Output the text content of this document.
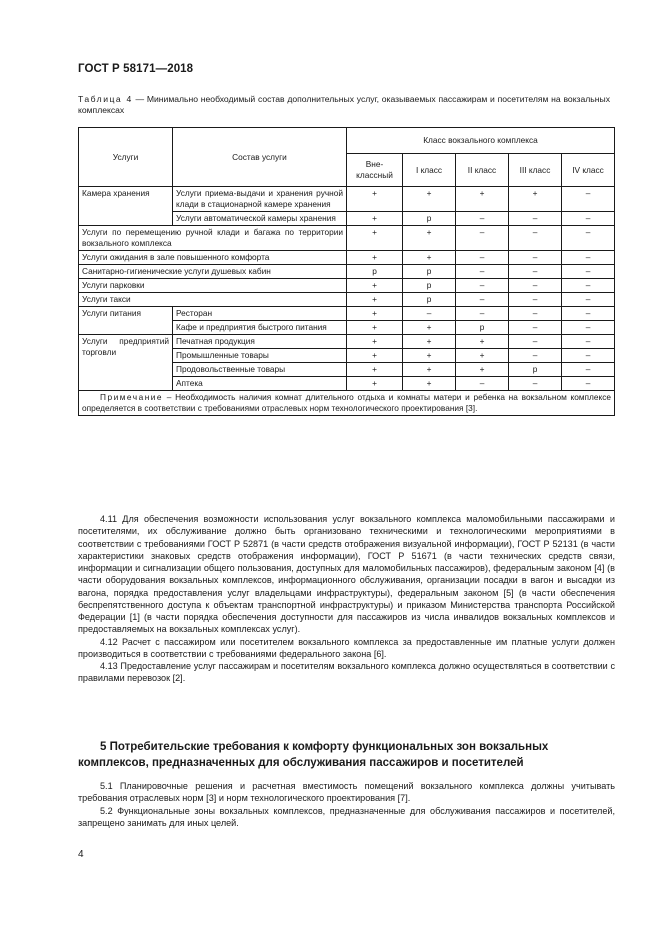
ГОСТ Р 58171—2018
Таблица 4 — Минимально необходимый состав дополнительных услуг, оказываемых пассажирам и посетителям на вокзальных комплексах
Услуги	Состав услуги	Класс вокзального комплекса				
		Вне-классный	I класс	II класс	III класс	IV класс
Камера хранения	Услуги приема-выдачи и хранения ручной клади в стационарной камере хранения	+	+	+	+	–
	Услуги автоматической камеры хранения	+	р	–	–	–
Услуги по перемещению ручной клади и багажа по территории вокзального комплекса		+	+	–	–	–
Услуги ожидания в зале повышенного комфорта		+	+	–	–	–
Санитарно-гигиенические услуги душевых кабин		р	р	–	–	–
Услуги парковки		+	р	–	–	–
Услуги такси		+	р	–	–	–
Услуги питания	Ресторан	+	–	–	–	–
	Кафе и предприятия быстрого питания	+	+	р	–	–
Услуги предприятий торговли	Печатная продукция	+	+	+	–	–
	Промышленные товары	+	+	+	–	–
	Продовольственные товары	+	+	+	р	–
	Аптека	+	+	–	–	–
Примечание – Необходимость наличия комнат длительного отдыха и комнаты матери и ребенка на вокзальном комплексе определяется в соответствии с требованиями отраслевых норм технологического проектирования [3].						

4.11 Для обеспечения возможности использования услуг вокзального комплекса маломобильными пассажирами и посетителями, их обслуживание должно быть организовано техническими и технологическими мероприятиями в соответствии с требованиями ГОСТ Р 52871 (в части средств отображения визуальной информации), ГОСТ Р 52131 (в части характеристики знаковых средств отображения информации), ГОСТ Р 51671 (в части технических средств связи, информации и сигнализации общего пользования, доступных для маломобильных пассажиров), федеральным законом [4] (в части оборудования вокзальных комплексов, информационного обслуживания, организации посадки в вагон и высадки из вагона, порядка предоставления услуг владельцами инфраструктуры), федеральным законом [5] (в части обеспечения беспрепятственного доступа к объектам транспортной инфраструктуры) и приказом Министерства транспорта Российской Федерации [1] (в части порядка обеспечения доступности для пассажиров из числа инвалидов вокзальных комплексов и предоставляемых на вокзальных комплексах услуг).

4.12 Расчет с пассажиром или посетителем вокзального комплекса за предоставленные им платные услуги должен производиться в соответствии с требованиями федерального закона [6].

4.13 Предоставление услуг пассажирам и посетителям вокзального комплекса должно осуществляться в соответствии с правилами перевозок [2].

5 Потребительские требования к комфорту функциональных зон вокзальных комплексов, предназначенных для обслуживания пассажиров и посетителей

5.1 Планировочные решения и расчетная вместимость помещений вокзального комплекса должны учитывать требования отраслевых норм [3] и норм технологического проектирования [7].

5.2 Функциональные зоны вокзальных комплексов, предназначенные для обслуживания пассажиров и посетителей, запрещено занимать для иных целей.

4
